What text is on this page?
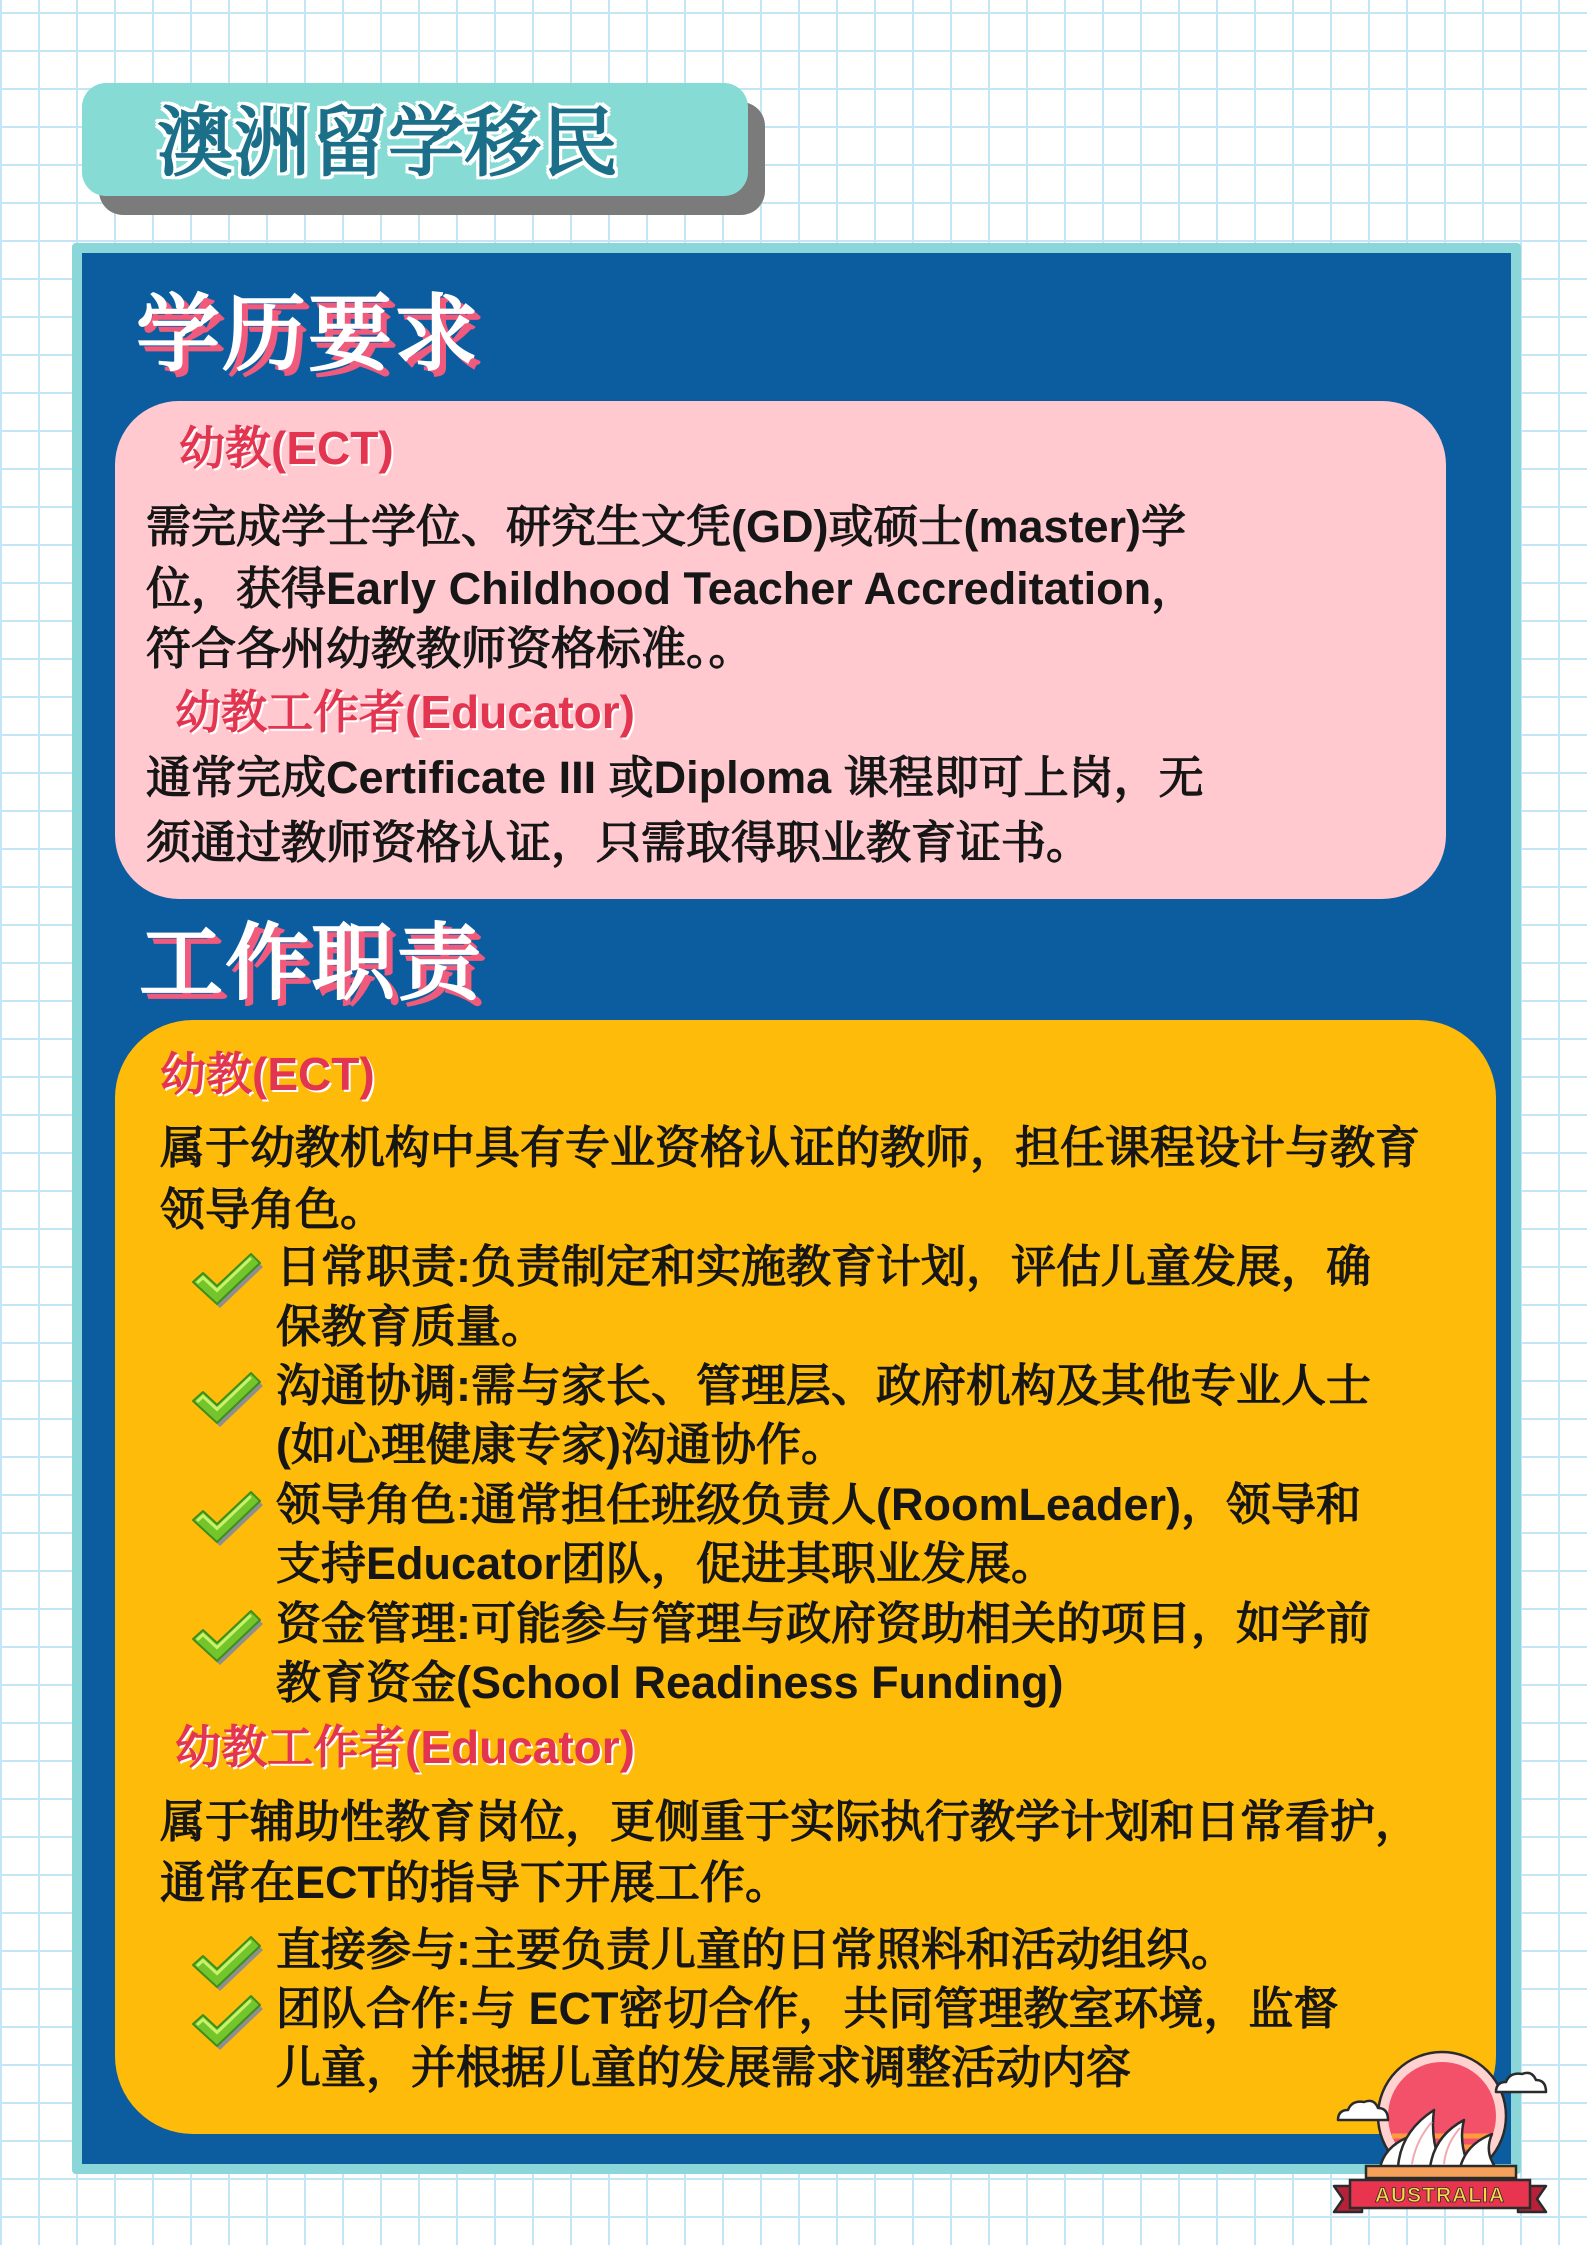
澳洲留学移民
学历要求
幼教(ECT)
需完成学士学位、研究生文凭(GD)或硕士(master)学
位，获得Early Childhood Teacher Accreditation，
符合各州幼教教师资格标准。。
幼教工作者(Educator)
通常完成Certificate III 或Diploma 课程即可上岗，无
须通过教师资格认证，只需取得职业教育证书。
工作职责
幼教(ECT)
属于幼教机构中具有专业资格认证的教师，担任课程设计与教育
领导角色。
日常职责:负责制定和实施教育计划，评估儿童发展，确
保教育质量。
沟通协调:需与家长、管理层、政府机构及其他专业人士
(如心理健康专家)沟通协作。
领导角色:通常担任班级负责人(RoomLeader)，领导和
支持Educator团队，促进其职业发展。
资金管理:可能参与管理与政府资助相关的项目，如学前
教育资金(School Readiness Funding)
幼教工作者(Educator)
属于辅助性教育岗位，更侧重于实际执行教学计划和日常看护，
通常在ECT的指导下开展工作。
直接参与:主要负责儿童的日常照料和活动组织。
团队合作:与 ECT密切合作，共同管理教室环境，监督
儿童，并根据儿童的发展需求调整活动内容
AUSTRALIA
